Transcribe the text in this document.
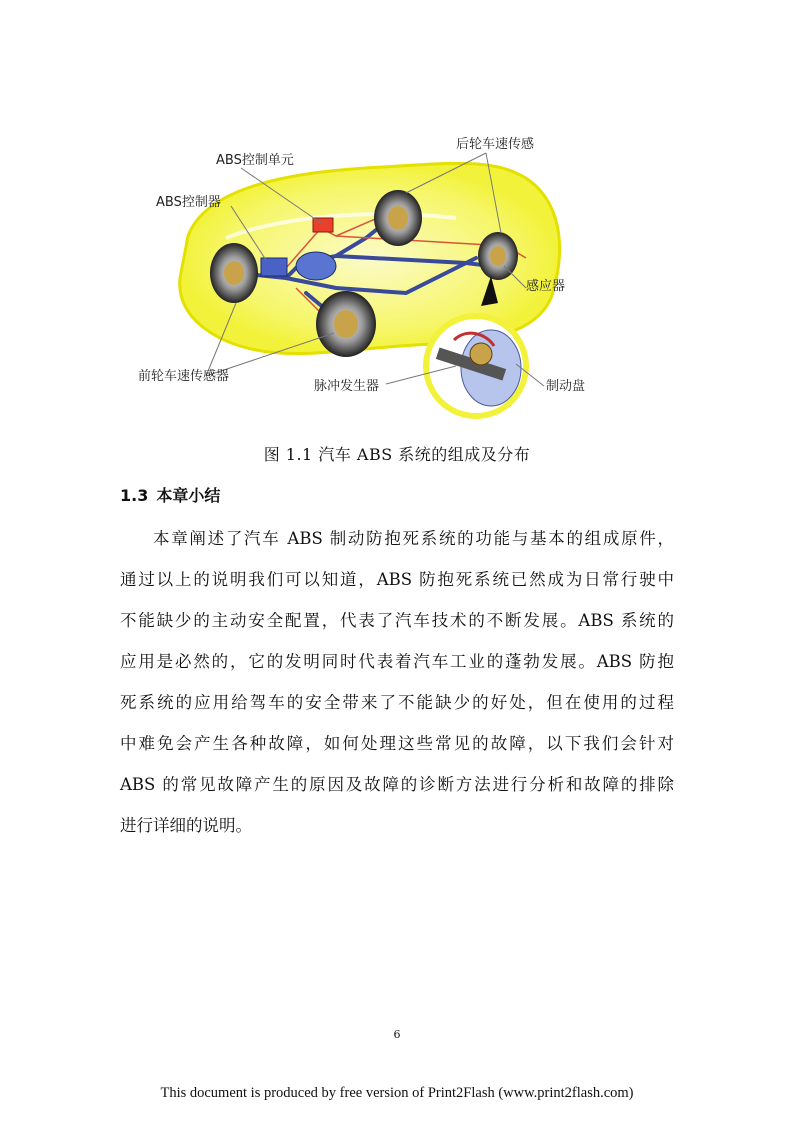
ABS控制单元
ABS控制器
后轮车速传感
感应器
前轮车速传感器
脉冲发生器	制动盘
图 1.1 汽车 ABS 系统的组成及分布
1.3 本章小结
本章阐述了汽车 ABS 制动防抱死系统的功能与基本的组成原件，
通过以上的说明我们可以知道，ABS 防抱死系统已然成为日常行驶中
不能缺少的主动安全配置，代表了汽车技术的不断发展。ABS 系统的
应用是必然的，它的发明同时代表着汽车工业的蓬勃发展。ABS 防抱
死系统的应用给驾车的安全带来了不能缺少的好处，但在使用的过程
中难免会产生各种故障，如何处理这些常见的故障，以下我们会针对
ABS 的常见故障产生的原因及故障的诊断方法进行分析和故障的排除
进行详细的说明。
6
This document is produced by free version of Print2Flash (www.print2flash.com)
